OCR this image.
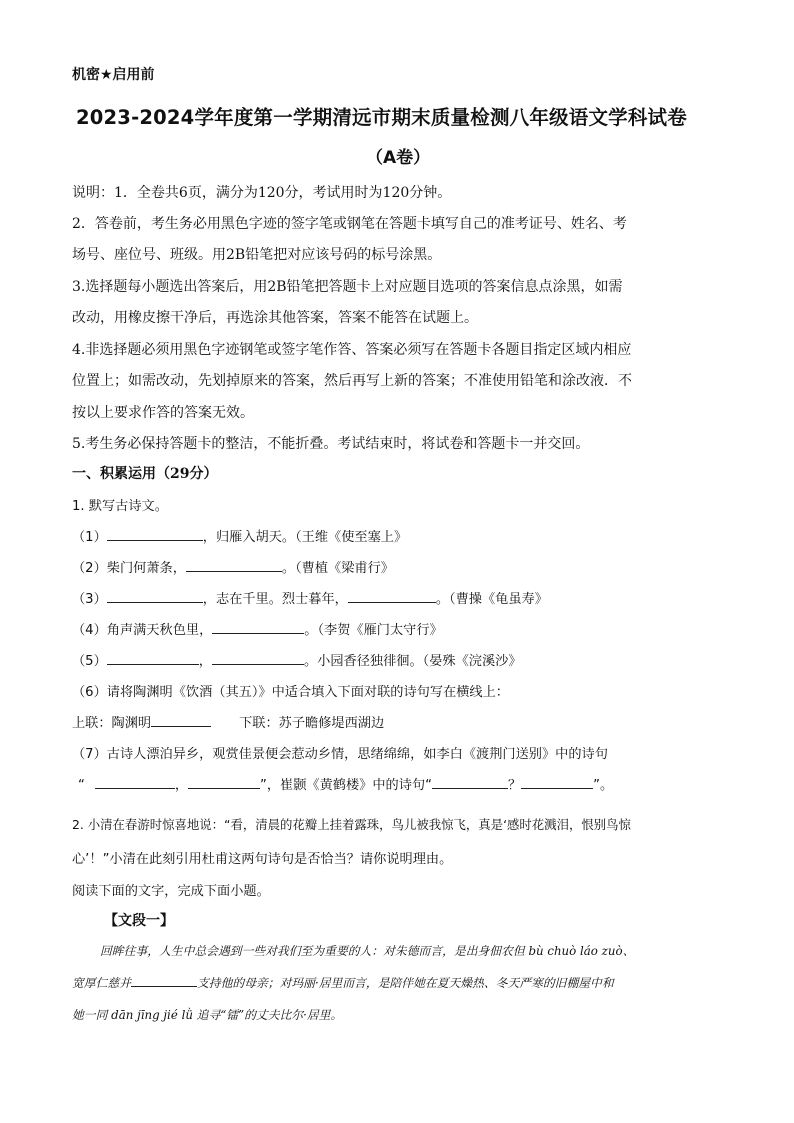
机密★启用前
2023-2024学年度第一学期清远市期末质量检测八年级语文学科试卷
（A卷）
说明：1．全卷共6页，满分为120分，考试用时为120分钟。
2．答卷前，考生务必用黑色字迹的签字笔或钢笔在答题卡填写自己的准考证号、姓名、考
场号、座位号、班级。用2B铅笔把对应该号码的标号涂黑。
3.选择题每小题选出答案后，用2B铅笔把答题卡上对应题目选项的答案信息点涂黑，如需
改动，用橡皮擦干净后，再选涂其他答案，答案不能答在试题上。
4.非选择题必须用黑色字迹钢笔或签字笔作答、答案必须写在答题卡各题目指定区域内相应
位置上；如需改动，先划掉原来的答案，然后再写上新的答案；不准使用铅笔和涂改液．不
按以上要求作答的答案无效。
5.考生务必保持答题卡的整洁，不能折叠。考试结束时，将试卷和答题卡一并交回。
一、积累运用（29分）
1. 默写古诗文。
（1）	，归雁入胡天。（王维《使至塞上》
（2）柴门何萧条，	。（曹植《梁甫行》
（3）	，志在千里。烈士暮年，	。（曹操《龟虽寿》
（4）角声满天秋色里，	。（李贺《雁门太守行》
（5）	，	。小园香径独徘徊。（晏殊《浣溪沙》
（6）请将陶渊明《饮酒（其五）》中适合填入下面对联的诗句写在横线上：
上联：陶渊明	下联：苏子瞻修堤西湖边
（7）古诗人漂泊异乡，观赏佳景便会惹动乡情，思绪绵绵，如李白《渡荆门送别》中的诗句
“	，	”，崔颢《黄鹤楼》中的诗句“	？	”。
2. 小清在春游时惊喜地说：“看，清晨的花瓣上挂着露珠，鸟儿被我惊飞，真是‘感时花溅泪，恨别鸟惊
心’！”小清在此刻引用杜甫这两句诗句是否恰当？请你说明理由。
阅读下面的文字，完成下面小题。
【文段一】
回眸往事，人生中总会遇到一些对我们至为重要的人：对朱德而言，是出身佃农但 bù chuò láo zuò、
宽厚仁慈并	支持他的母亲；对玛丽·居里而言，是陪伴她在夏天燥热、冬天严寒的旧棚屋中和
她一同 dān jīng jié lǜ 追寻“镭”的丈夫比尔·居里。
